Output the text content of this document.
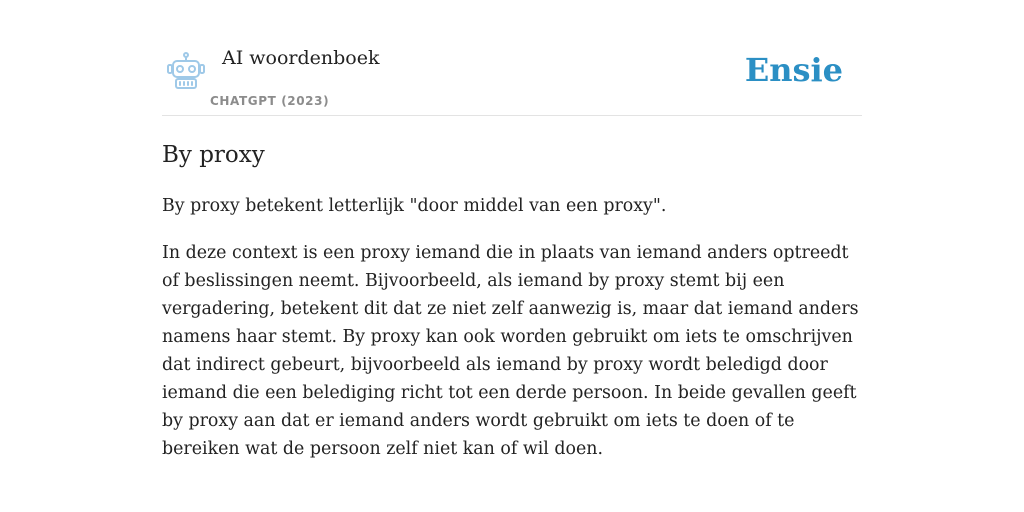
AI woordenboek
CHATGPT (2023)
Ensie
By proxy

By proxy betekent letterlijk "door middel van een proxy".

In deze context is een proxy iemand die in plaats van iemand anders optreedt of beslissingen neemt. Bijvoorbeeld, als iemand by proxy stemt bij een vergadering, betekent dit dat ze niet zelf aanwezig is, maar dat iemand anders namens haar stemt. By proxy kan ook worden gebruikt om iets te omschrijven dat indirect gebeurt, bijvoorbeeld als iemand by proxy wordt beledigd door iemand die een belediging richt tot een derde persoon. In beide gevallen geeft by proxy aan dat er iemand anders wordt gebruikt om iets te doen of te bereiken wat de persoon zelf niet kan of wil doen.
